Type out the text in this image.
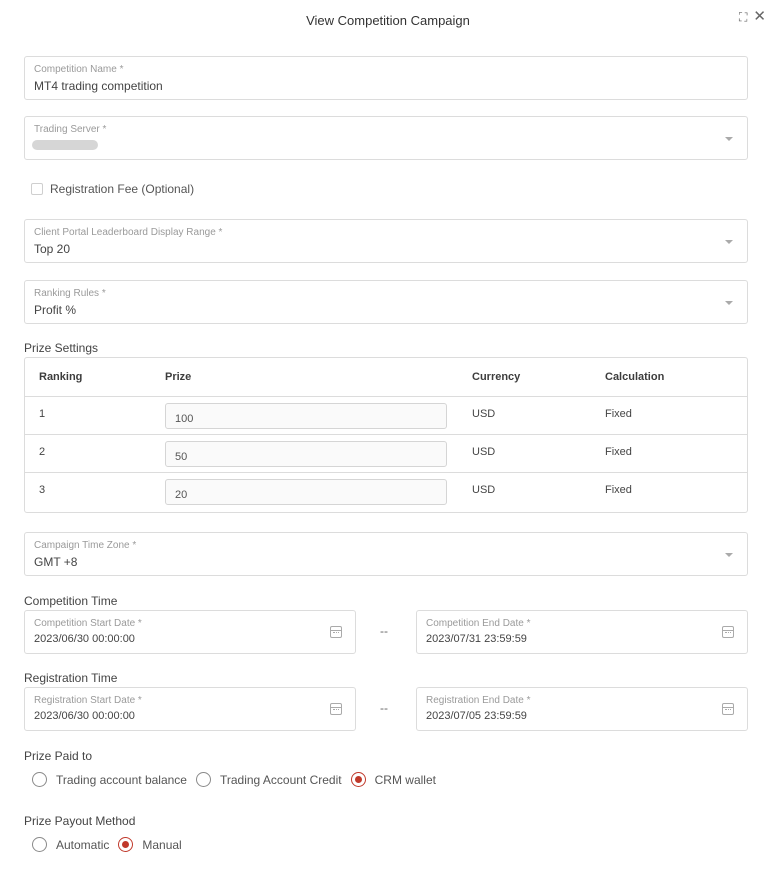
View Competition Campaign	⛶ ✕
Competition Name *
MT4 trading competition
Trading Server *
Registration Fee (Optional)
Client Portal Leaderboard Display Range *
Top 20
Ranking Rules *
Profit %
Prize Settings
Ranking	Prize	Currency	Calculation
1	100	USD	Fixed
2	50	USD	Fixed
3	20	USD	Fixed
Campaign Time Zone *
GMT +8
Competition Time
Competition Start Date *
2023/06/30 00:00:00
--
Competition End Date *
2023/07/31 23:59:59
Registration Time
Registration Start Date *
2023/06/30 00:00:00
--
Registration End Date *
2023/07/05 23:59:59
Prize Paid to
Trading account balance	Trading Account Credit	CRM wallet
Prize Payout Method
Automatic	Manual
